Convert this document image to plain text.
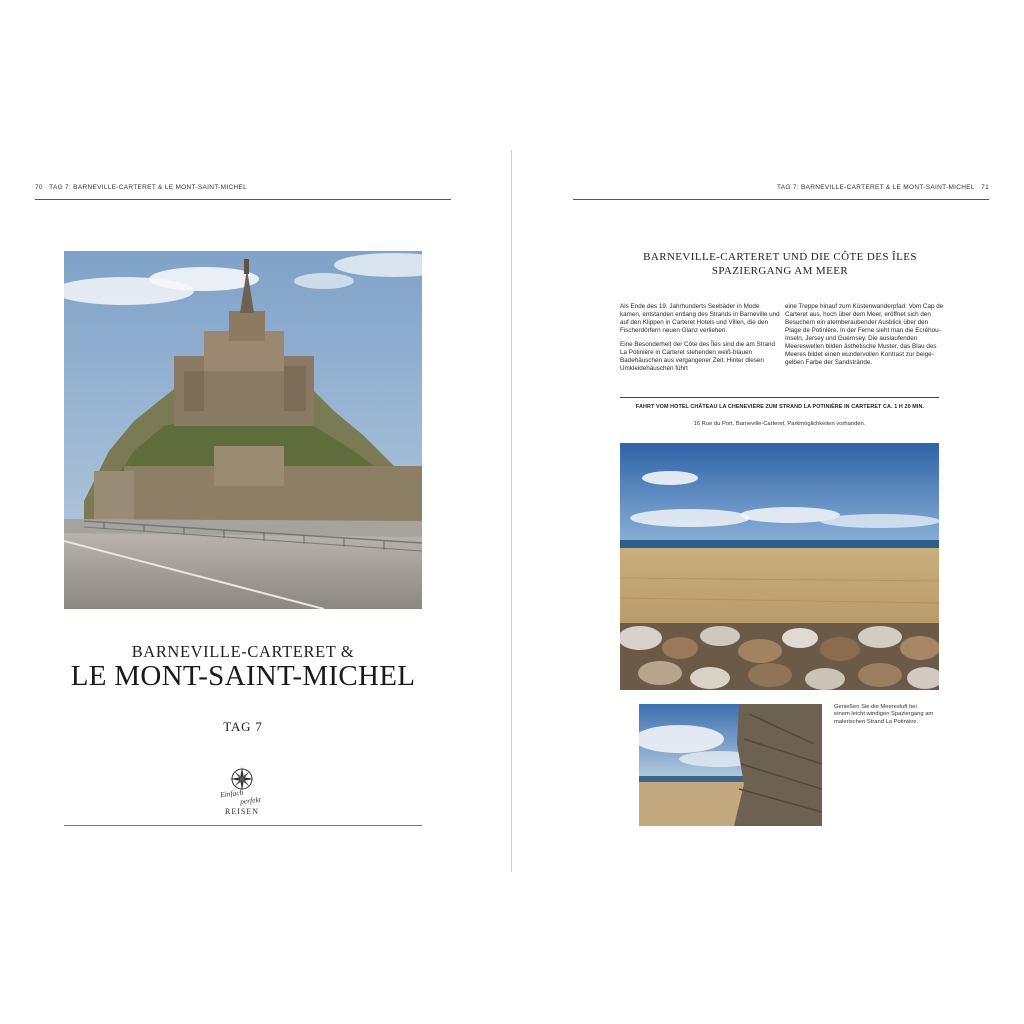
70 TAG 7: BARNEVILLE-CARTERET & LE MONT-SAINT-MICHEL
BARNEVILLE-CARTERET &
LE MONT-SAINT-MICHEL
TAG 7
Einfach
perfekt
REISEN
TAG 7: BARNEVILLE-CARTERET & LE MONT-SAINT-MICHEL 71
BARNEVILLE-CARTERET UND DIE CÔTE DES ÎLES
SPAZIERGANG AM MEER

Als Ende des 19. Jahrhunderts Seebäder in Mode kamen, entstanden entlang des Strands in Barneville und auf den Klippen in Carteret Hotels und Villen, die den Fischerdörfern neuen Glanz verliehen.

Eine Besonderheit der Côte des Îles sind die am Strand La Potinière in Carteret stehenden weiß-blauen Badehäuschen aus vergangener Zeit. Hinter diesen Umkleidehäuschen führt

eine Treppe hinauf zum Küstenwanderpfad. Vom Cap de Carteret aus, hoch über dem Meer, eröffnet sich den Besuchern ein atemberaubender Ausblick über den Plage de Potinière. In der Ferne sieht man die Ecréhou-Inseln, Jersey und Guernsey. Die auslaufenden Meereswellen bilden ästhetische Muster, das Blau des Meeres bildet einen wundervollen Kontrast zur beige-gelben Farbe der Sandstrände.

FAHRT VOM HOTEL CHÂTEAU LA CHENEVIÈRE ZUM STRAND LA POTINIÈRE IN CARTERET CA. 1 H 20 MIN.
16 Rue du Port, Barneville-Carteret, Parkmöglichkeiten vorhanden.
Genießen Sie die Meeresluft bei einem leicht windigen Spaziergang am malerischen Strand La Potinière.
